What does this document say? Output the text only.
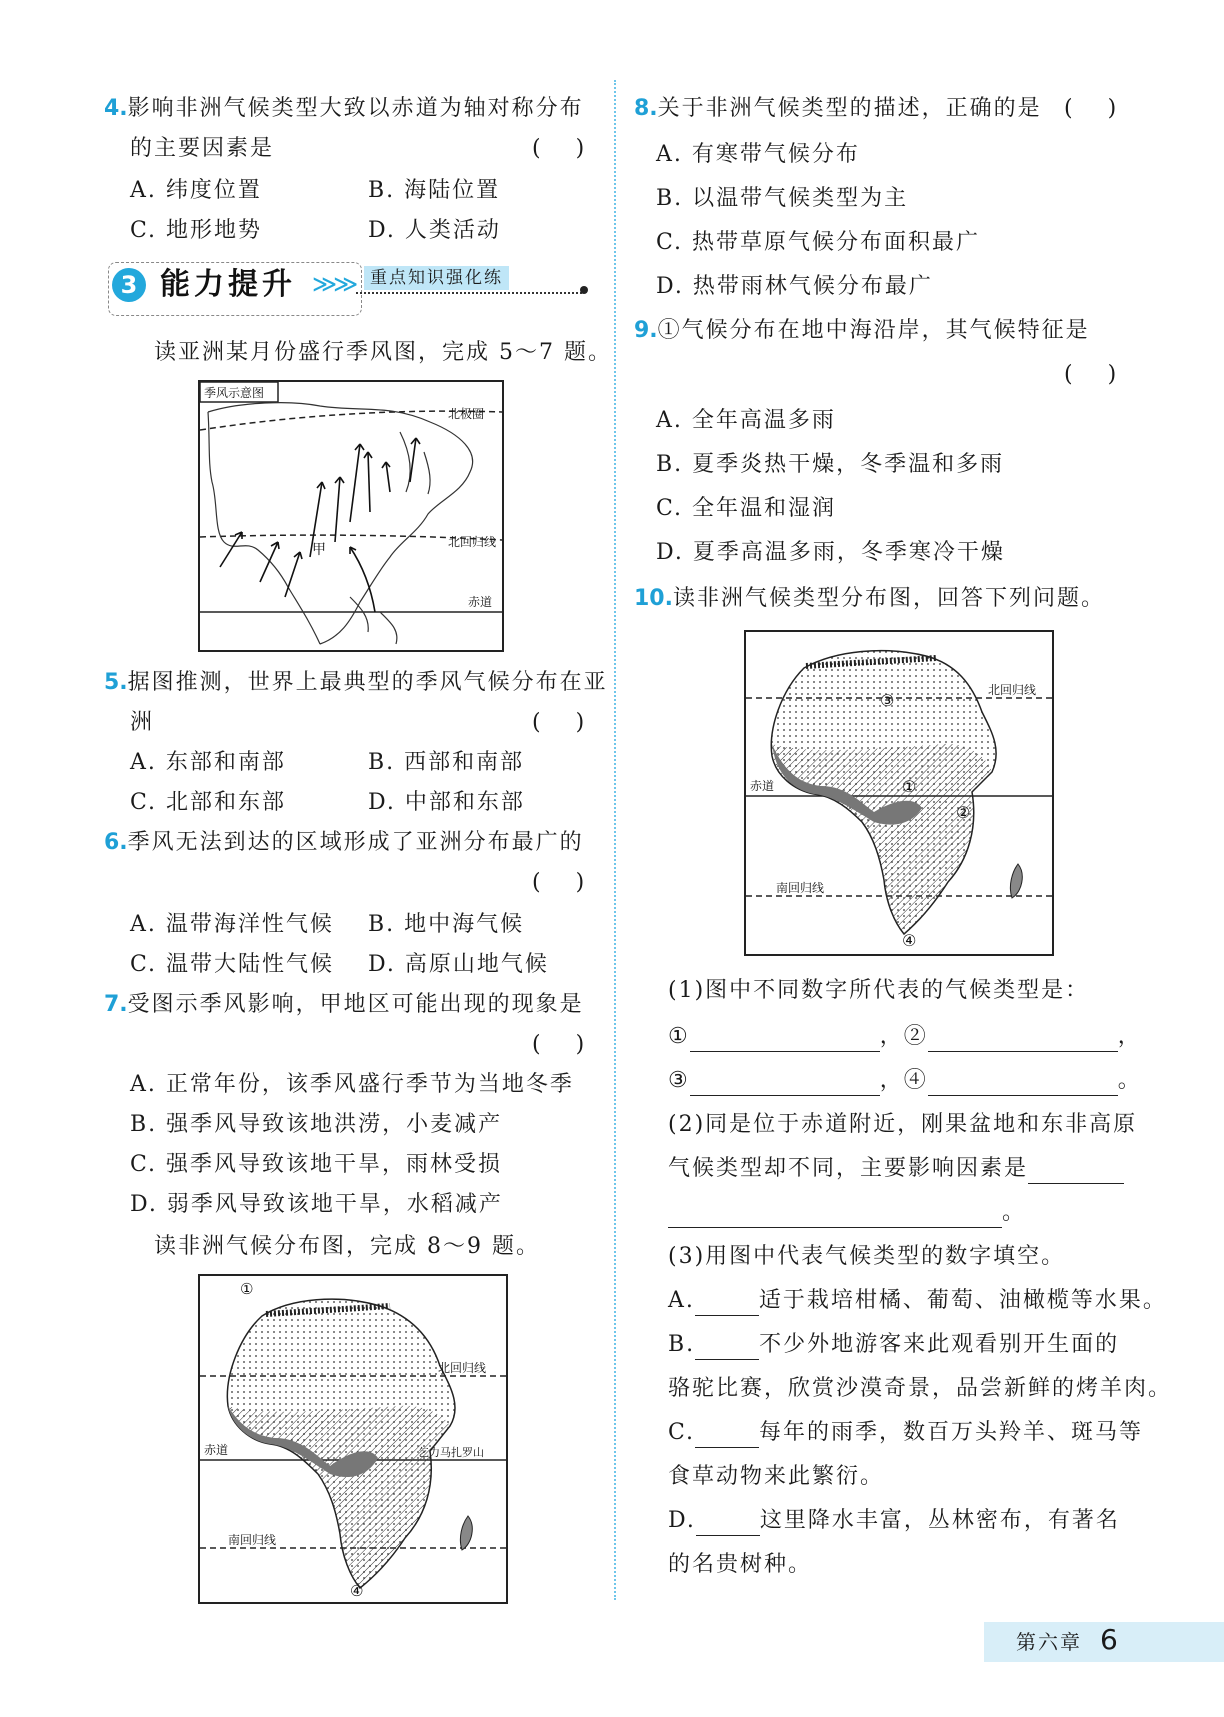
4.影响非洲气候类型大致以赤道为轴对称分布
的主要因素是	( )
A. 纬度位置	B. 海陆位置
C. 地形地势	D. 人类活动
3 能力提升 ≫≫ 重点知识强化练
读亚洲某月份盛行季风图，完成 5～7 题。
季风示意图
北极圈
北回归线
赤道
甲
5.据图推测，世界上最典型的季风气候分布在亚
洲	( )
A. 东部和南部	B. 西部和南部
C. 北部和东部	D. 中部和东部
6.季风无法到达的区域形成了亚洲分布最广的
( )
A. 温带海洋性气候 B. 地中海气候
C. 温带大陆性气候 D. 高原山地气候
7.受图示季风影响，甲地区可能出现的现象是
( )
A. 正常年份，该季风盛行季节为当地冬季
B. 强季风导致该地洪涝，小麦减产
C. 强季风导致该地干旱，雨林受损
D. 弱季风导致该地干旱，水稻减产
读非洲气候分布图，完成 8～9 题。
①
④
北回归线
赤道
南回归线
乞力马扎罗山
8.关于非洲气候类型的描述，正确的是 ( )
A. 有寒带气候分布
B. 以温带气候类型为主
C. 热带草原气候分布面积最广
D. 热带雨林气候分布最广
9.①气候分布在地中海沿岸，其气候特征是
( )
A. 全年高温多雨
B. 夏季炎热干燥，冬季温和多雨
C. 全年温和湿润
D. 夏季高温多雨，冬季寒冷干燥
10.读非洲气候类型分布图，回答下列问题。
③
①
②
④
北回归线
赤道
南回归线
(1)图中不同数字所代表的气候类型是：
①	，②	，
③	，④	。
(2)同是位于赤道附近，刚果盆地和东非高原
气候类型却不同，主要影响因素是
。
(3)用图中代表气候类型的数字填空。
A.	适于栽培柑橘、葡萄、油橄榄等水果。
B.	不少外地游客来此观看别开生面的
骆驼比赛，欣赏沙漠奇景，品尝新鲜的烤羊肉。
C.	每年的雨季，数百万头羚羊、斑马等
食草动物来此繁衍。
D.	这里降水丰富，丛林密布，有著名
的名贵树种。
第六章 6
